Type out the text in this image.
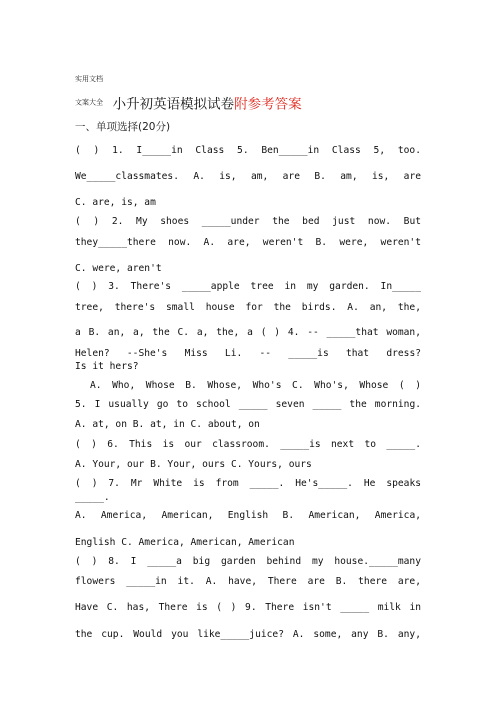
实用文档
文案大全 小升初英语模拟试卷附参考答案
一、单项选择(20分)
( ) 1. I_____in Class 5. Ben_____in Class 5, too.
We_____classmates. A. is, am, are B. am, is, are
C. are, is, am
( ) 2. My shoes _____under the bed just now. But
they_____there now. A. are, weren't B. were, weren't
C. were, aren't
( ) 3. There's _____apple tree in my garden. In_____
tree, there's small house for the birds. A. an, the,
a B. an, a, the C. a, the, a ( ) 4. -- _____that woman,
Helen? --She's Miss Li. -- _____is that dress?
Is it hers?
A. Who, Whose B. Whose, Who's C. Who's, Whose ( )
5. I usually go to school _____ seven _____ the morning.
A. at, on B. at, in C. about, on
( ) 6. This is our classroom. _____is next to _____.
A. Your, our B. Your, ours C. Yours, ours
( ) 7. Mr White is from _____. He's_____. He speaks
_____.
A. America, American, English B. American, America,
English C. America, American, American
( ) 8. I _____a big garden behind my house._____many
flowers _____in it. A. have, There are B. there are,
Have C. has, There is ( ) 9. There isn't _____ milk in
the cup. Would you like_____juice? A. some, any B. any,
